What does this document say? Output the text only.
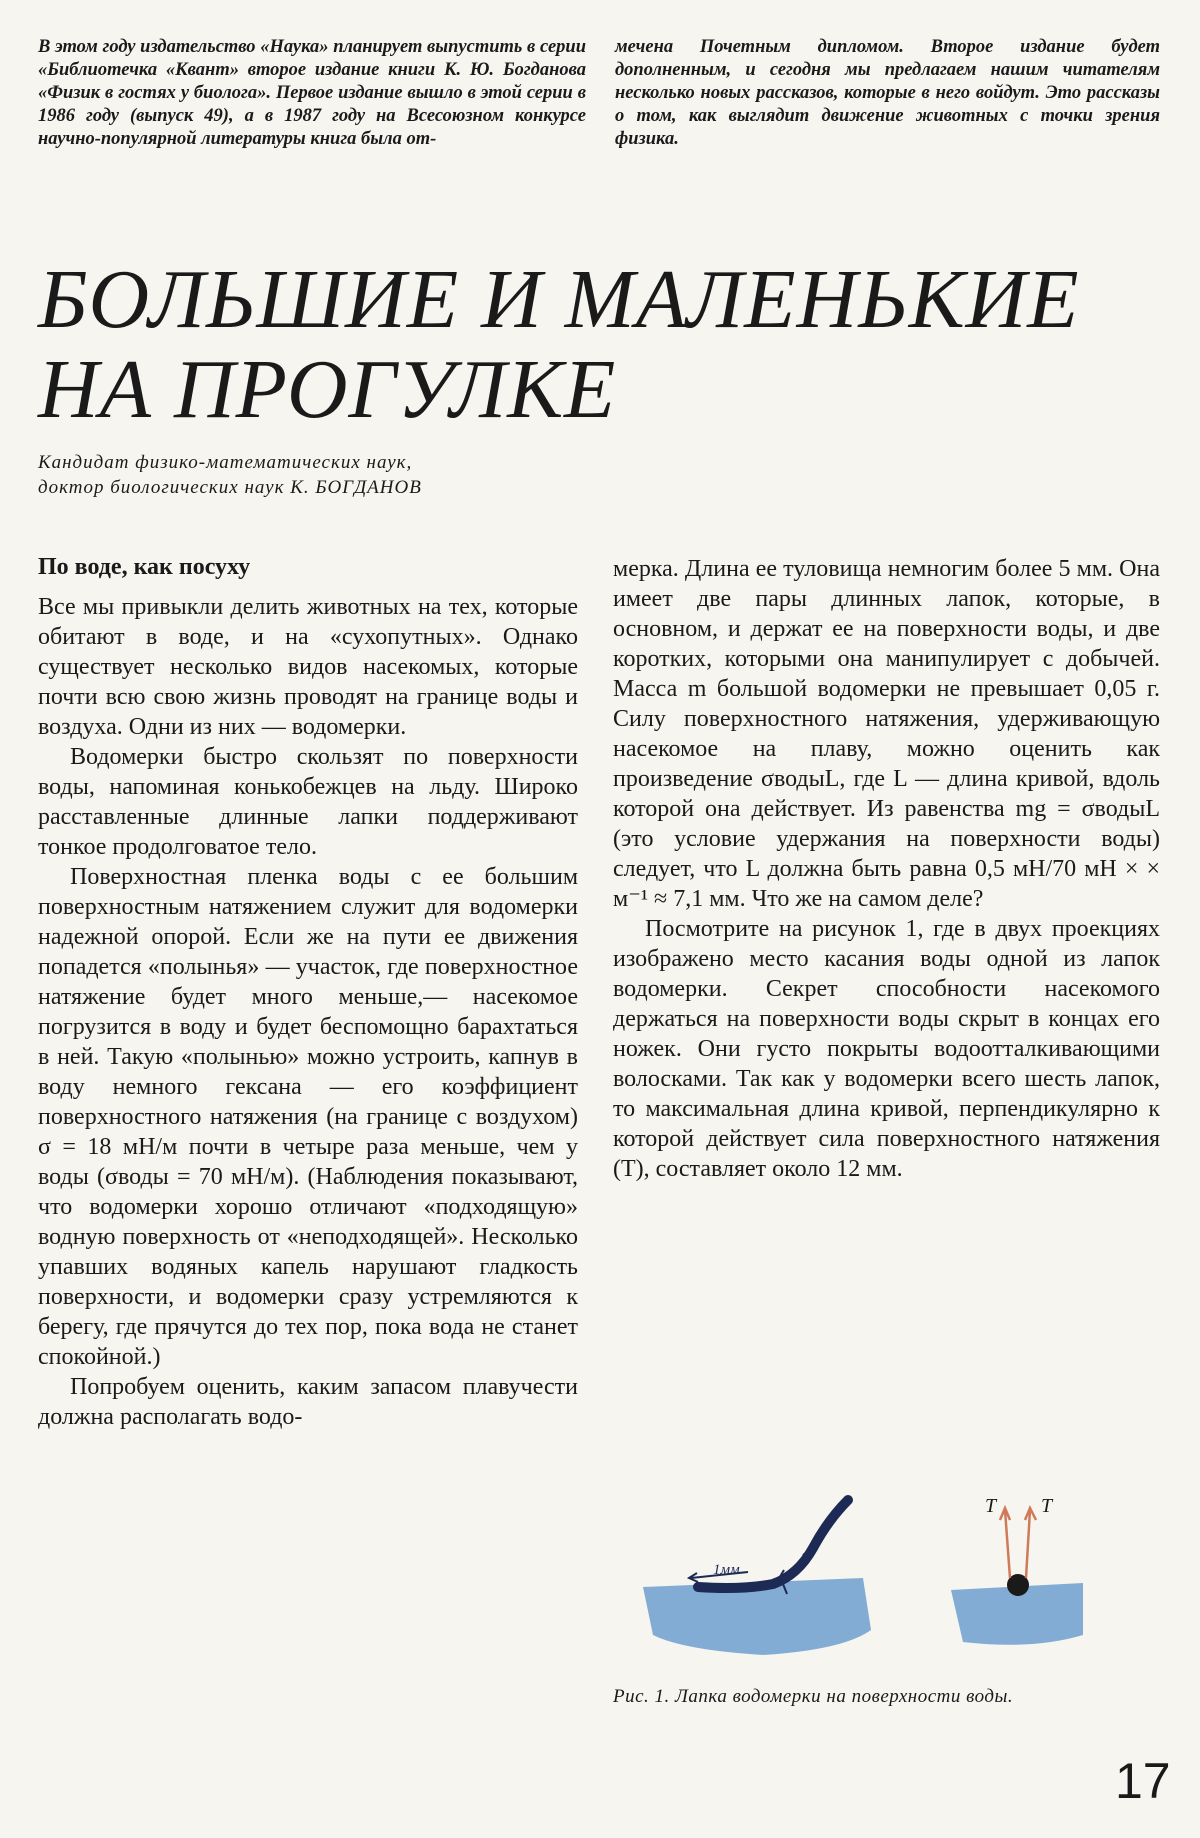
В этом году издательство «Наука» планирует выпустить в серии «Библиотечка «Квант» второе издание книги К. Ю. Богданова «Физик в гостях у биолога». Первое издание вышло в этой серии в 1986 году (выпуск 49), а в 1987 году на Всесоюзном конкурсе научно-популярной литературы книга была от-

мечена Почетным дипломом. Второе издание будет дополненным, и сегодня мы предлагаем нашим читателям несколько новых рассказов, которые в него войдут. Это рассказы о том, как выглядит движение животных с точки зрения физика.

БОЛЬШИЕ И МАЛЕНЬКИЕ
НА ПРОГУЛКЕ

Кандидат физико-математических наук,

доктор биологических наук К. БОГДАНОВ

По воде, как посуху

Все мы привыкли делить животных на тех, которые обитают в воде, и на «сухопутных». Однако существует несколько видов насекомых, которые почти всю свою жизнь проводят на границе воды и воздуха. Одни из них — водомерки.

Водомерки быстро скользят по поверхности воды, напоминая конькобежцев на льду. Широко расставленные длинные лапки поддерживают тонкое продолговатое тело.

Поверхностная пленка воды с ее большим поверхностным натяжением служит для водомерки надежной опорой. Если же на пути ее движения попадется «полынья» — участок, где поверхностное натяжение будет много меньше,— насекомое погрузится в воду и будет беспомощно барахтаться в ней. Такую «полынью» можно устроить, капнув в воду немного гексана — его коэффициент поверхностного натяжения (на границе с воздухом) σ = 18 мН/м почти в четыре раза меньше, чем у воды (σводы = 70 мН/м). (Наблюдения показывают, что водомерки хорошо отличают «подходящую» водную поверхность от «неподходящей». Несколько упавших водяных капель нарушают гладкость поверхности, и водомерки сразу устремляются к берегу, где прячутся до тех пор, пока вода не станет спокойной.)

Попробуем оценить, каким запасом плавучести должна располагать водо-

мерка. Длина ее туловища немногим более 5 мм. Она имеет две пары длинных лапок, которые, в основном, и держат ее на поверхности воды, и две коротких, которыми она манипулирует с добычей. Масса m большой водомерки не превышает 0,05 г. Силу поверхностного натяжения, удерживающую насекомое на плаву, можно оценить как произведение σводыL, где L — длина кривой, вдоль которой она действует. Из равенства mg = σводыL (это условие удержания на поверхности воды) следует, что L должна быть равна 0,5 мН/70 мН × × м⁻¹ ≈ 7,1 мм. Что же на самом деле?

Посмотрите на рисунок 1, где в двух проекциях изображено место касания воды одной из лапок водомерки. Секрет способности насекомого держаться на поверхности воды скрыт в концах его ножек. Они густо покрыты водоотталкивающими волосками. Так как у водомерки всего шесть лапок, то максимальная длина кривой, перпендикулярно к которой действует сила поверхностного натяжения (T), составляет около 12 мм.

1мм
T T
Рис. 1. Лапка водомерки на поверхности воды.
17
